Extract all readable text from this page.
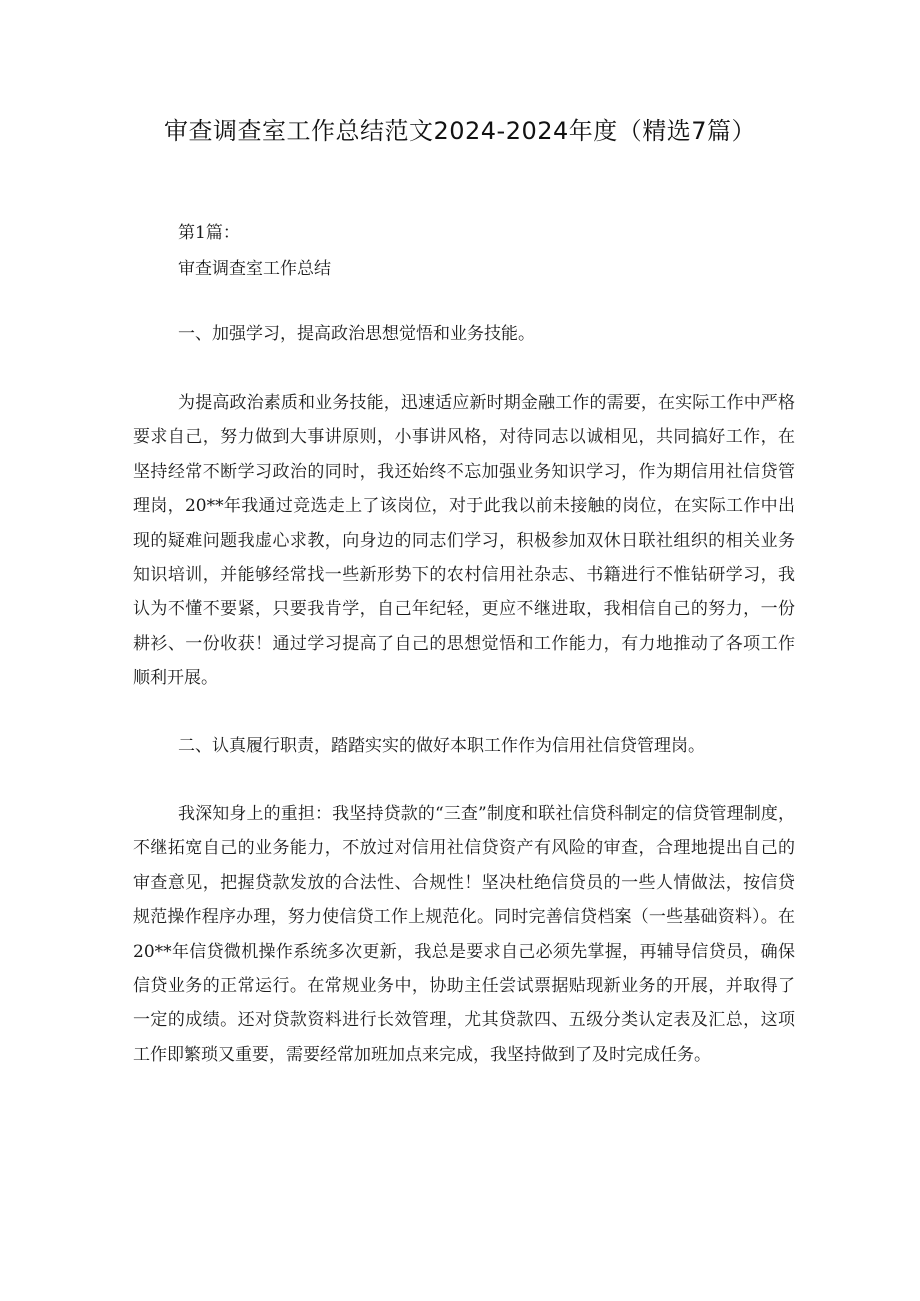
审查调查室工作总结范文2024-2024年度（精选7篇）

第1篇：

审查调查室工作总结

一、加强学习，提高政治思想觉悟和业务技能。

为提高政治素质和业务技能，迅速适应新时期金融工作的需要，在实际工作中严格要求自己，努力做到大事讲原则，小事讲风格，对待同志以诚相见，共同搞好工作，在坚持经常不断学习政治的同时，我还始终不忘加强业务知识学习，作为期信用社信贷管理岗，20**年我通过竞选走上了该岗位，对于此我以前未接触的岗位，在实际工作中出现的疑难问题我虚心求教，向身边的同志们学习，积极参加双休日联社组织的相关业务知识培训，并能够经常找一些新形势下的农村信用社杂志、书籍进行不惟钻研学习，我认为不懂不要紧，只要我肯学，自己年纪轻，更应不继进取，我相信自己的努力，一份耕衫、一份收获！通过学习提高了自己的思想觉悟和工作能力，有力地推动了各项工作顺利开展。

二、认真履行职责，踏踏实实的做好本职工作作为信用社信贷管理岗。

我深知身上的重担：我坚持贷款的“三查”制度和联社信贷科制定的信贷管理制度，不继拓宽自己的业务能力，不放过对信用社信贷资产有风险的审查，合理地提出自己的审查意见，把握贷款发放的合法性、合规性！坚决杜绝信贷员的一些人情做法，按信贷规范操作程序办理，努力使信贷工作上规范化。同时完善信贷档案（一些基础资料）。在20**年信贷微机操作系统多次更新，我总是要求自己必须先掌握，再辅导信贷员，确保信贷业务的正常运行。在常规业务中，协助主任尝试票据贴现新业务的开展，并取得了一定的成绩。还对贷款资料进行长效管理，尤其贷款四、五级分类认定表及汇总，这项工作即繁琐又重要，需要经常加班加点来完成，我坚持做到了及时完成任务。
